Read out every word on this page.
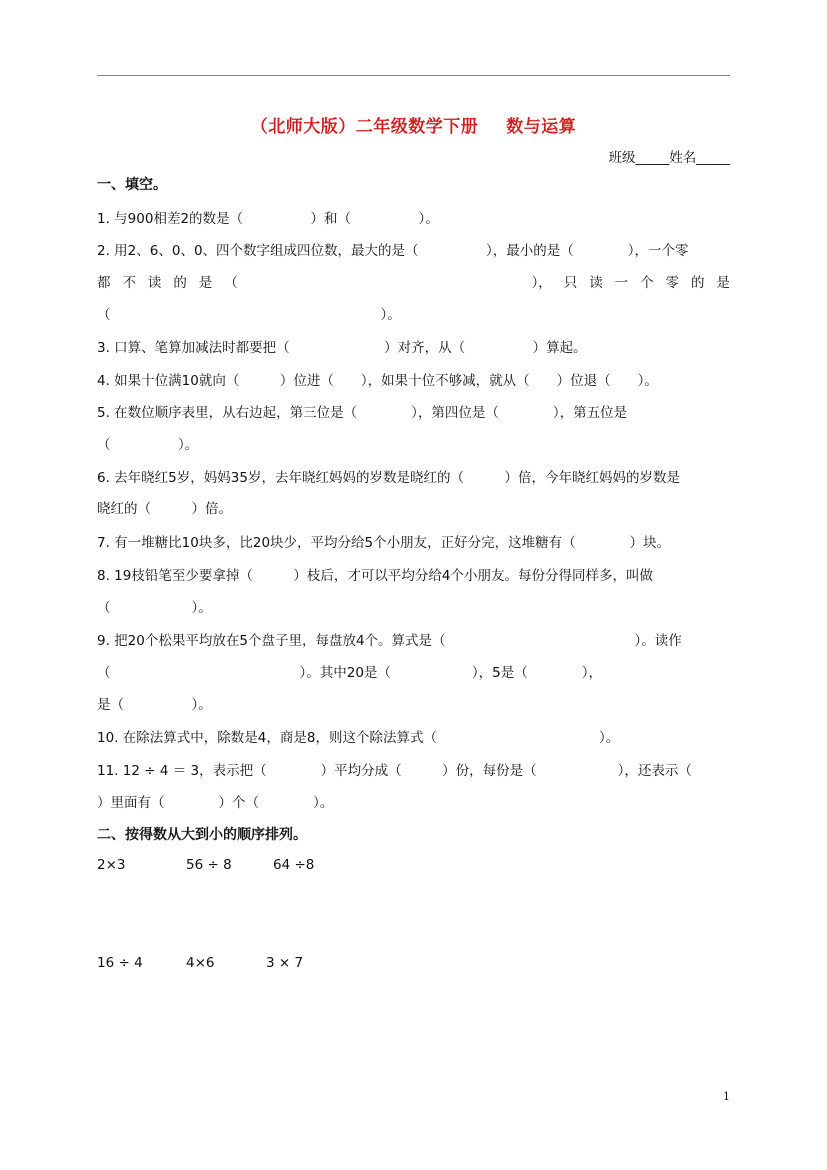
（北师大版）二年级数学下册 数与运算
班级_____姓名_____
一、填空。
1. 与900相差2的数是（　　　　　）和（　　　　　）。
2. 用2、6、0、0、四个数字组成四位数，最大的是（　　　　　），最小的是（　　　　），一个零
都 不 读 的 是 （
　　　　　　　　　　　　　　　　　　　　	）， 只 读 一 个 零 的 是
（　　　　　　　　　　　　　　　　　　　　）。
3. 口算、笔算加减法时都要把（　　　　　　　）对齐，从（　　　　　）算起。
4. 如果十位满10就向（　　　）位进（　　），如果十位不够减，就从（　　）位退（　　）。
5. 在数位顺序表里，从右边起，第三位是（　　　　），第四位是（　　　　），第五位是
（　　　　　）。
6. 去年晓红5岁，妈妈35岁，去年晓红妈妈的岁数是晓红的（　　　）倍，今年晓红妈妈的岁数是
晓红的（　　　）倍。
7. 有一堆糖比10块多，比20块少，平均分给5个小朋友，正好分完，这堆糖有（　　　　）块。
8. 19枝铅笔至少要拿掉（　　　）枝后，才可以平均分给4个小朋友。每份分得同样多，叫做
（　　　　　　）。
9. 把20个松果平均放在5个盘子里，每盘放4个。算式是（　　　　　　　　　　　　　　）。读作
（　　　　　　　　　　　　　　）。其中20是（　　　　　　），5是（　　　　），
是（　　　　　）。
10. 在除法算式中，除数是4，商是8，则这个除法算式（　　　　　　　　　　　　）。
11. 12 ÷ 4 ＝ 3，表示把（　　　　）平均分成（　　　）份，每份是（　　　　　　），还表示（
）里面有（　　　　）个（　　　　）。
二、按得数从大到小的顺序排列。
2×3	56 ÷ 8	64 ÷8
16 ÷ 4	4×6	3 × 7
1
